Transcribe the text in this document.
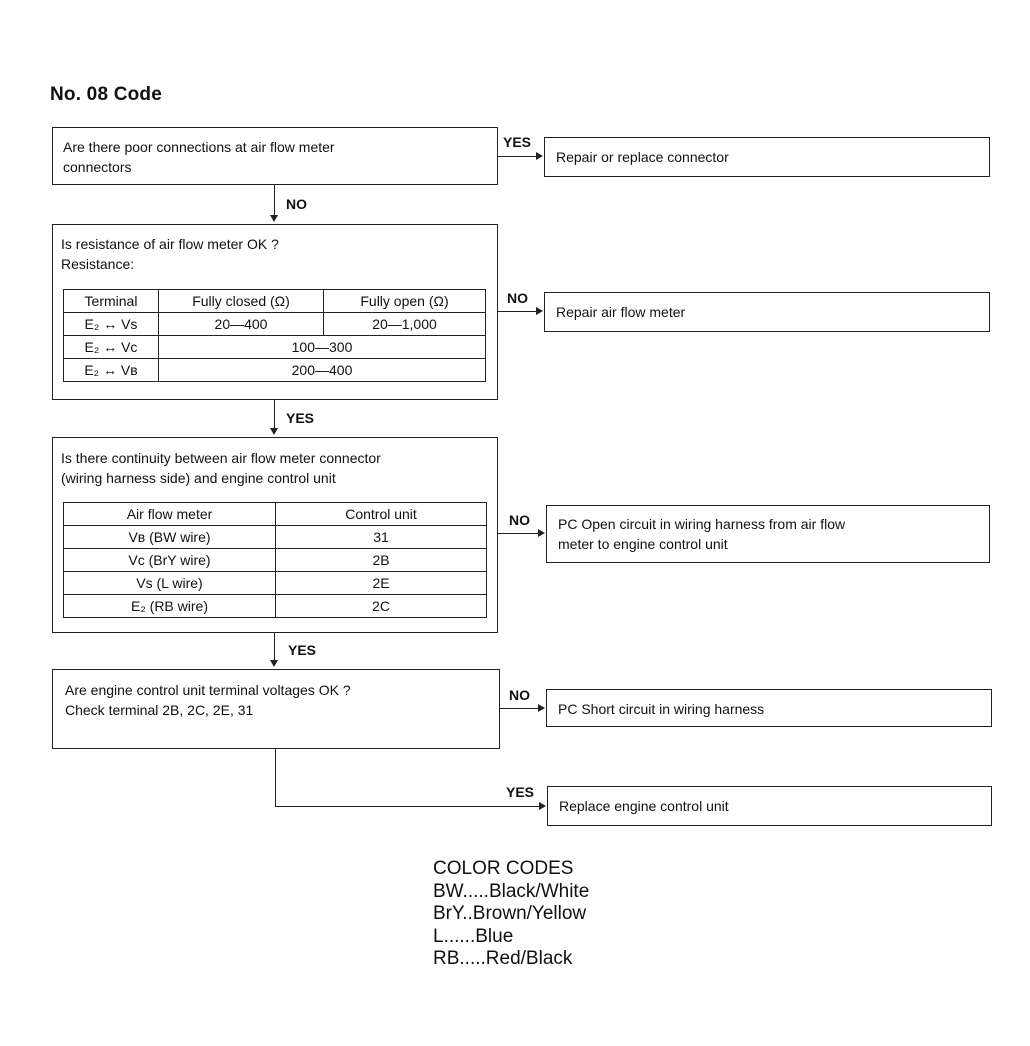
No. 08 Code
Are there poor connections at air flow meter
connectors
YES
Repair or replace connector
NO
Is resistance of air flow meter OK ?
Resistance:
Terminal	Fully closed (Ω)	Fully open (Ω)
E₂ ↔ Vs	20—400	20—1,000
E₂ ↔ Vc	100—300	
E₂ ↔ Vʙ	200—400	
NO
Repair air flow meter
YES
Is there continuity between air flow meter connector
(wiring harness side) and engine control unit
Air flow meter	Control unit
Vʙ (BW wire)	31
Vc (BrY wire)	2B
Vs (L wire)	2E
E₂ (RB wire)	2C
NO PC Open circuit in wiring harness from air flow
meter to engine control unit
YES
Are engine control unit terminal voltages OK ?
Check terminal 2B, 2C, 2E, 31
NO
PC Short circuit in wiring harness
YES
Replace engine control unit
COLOR CODES
BW.....Black/White
BrY..Brown/Yellow
L......Blue
RB.....Red/Black
